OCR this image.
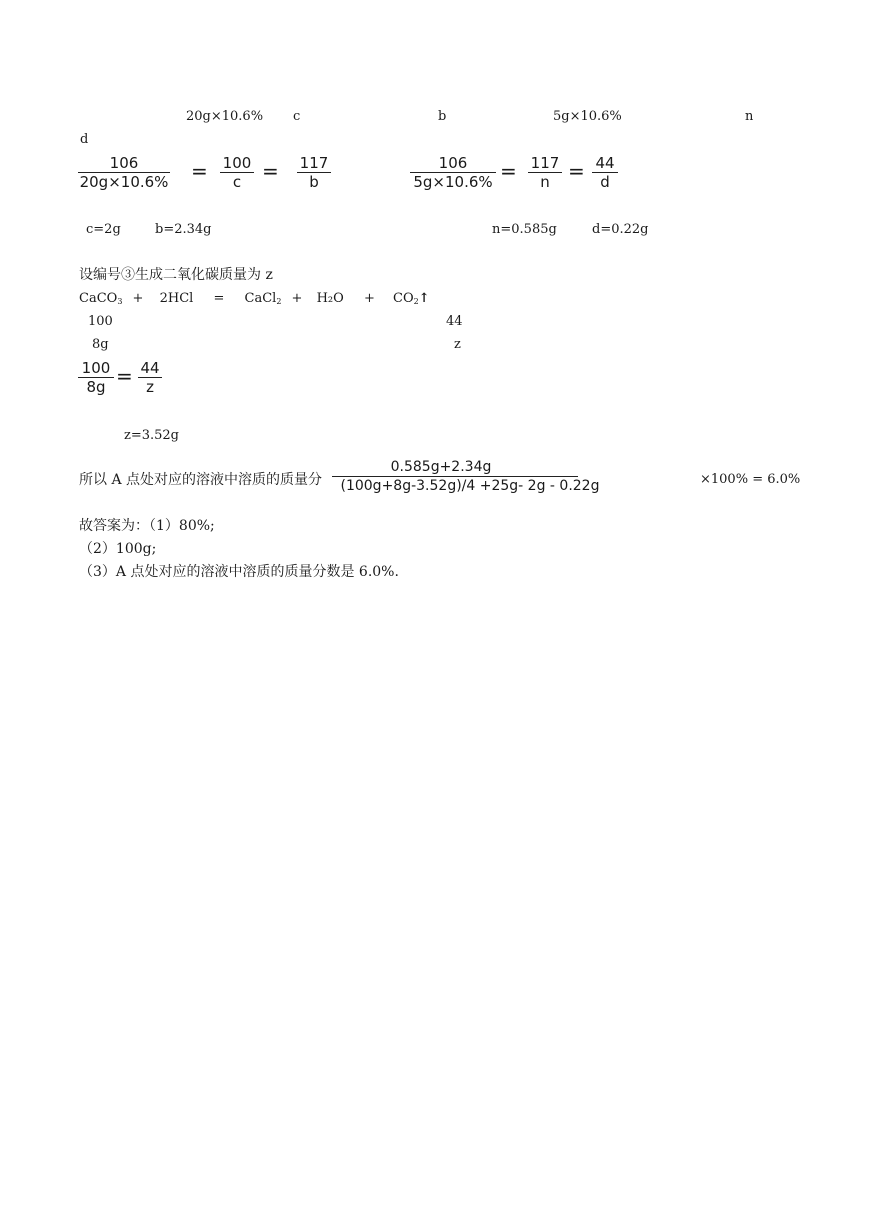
20g×10.6% c	b	5g×10.6%	n
d
106
20g×10.6% = 100
c = 117
b
106
5g×10.6% = 117
n = 44
d
c=2g	b=2.34g	n=0.585g	d=0.22g
设编号③生成二氧化碳质量为 z
CaCO$_3$ + 2HCl = CaCl$_2$ + $H_2O + CO_2↑$
100	44
8g	z
100
8g = 44
z
z=3.52g
所以 A 点处对应的溶液中溶质的质量分
0.585g+2.34g
(100g+8g-3.52g)/4 +25g- 2g - 0.22g	×100% = 6.0%
故答案为：（1）80%;
（2）100g;
（3）A 点处对应的溶液中溶质的质量分数是 6.0%.
